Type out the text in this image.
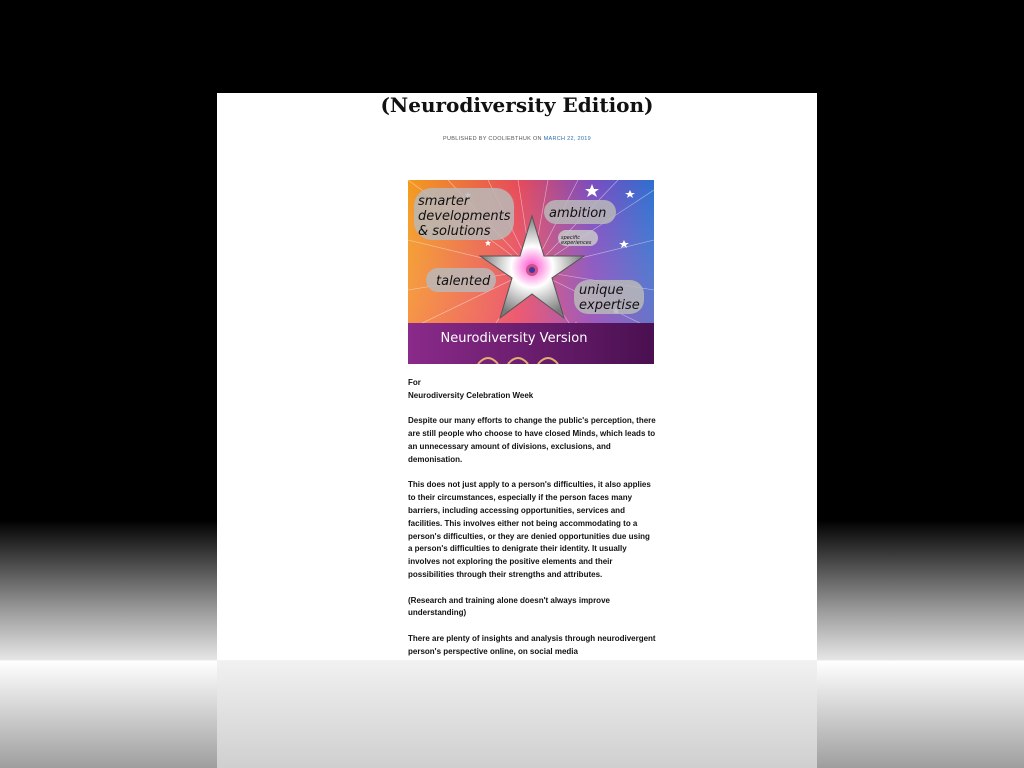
(Neurodiversity Edition)
PUBLISHED BY COOLIEBTHUK ON MARCH 22, 2019
smarter
developments
& solutions
ambition
specific
experiences
talented
unique
expertise
Neurodiversity Version

For
Neurodiversity Celebration Week

Despite our many efforts to change the public's perception, there are still people who choose to have closed Minds, which leads to an unnecessary amount of divisions, exclusions, and demonisation.

This does not just apply to a person's difficulties, it also applies to their circumstances, especially if the person faces many barriers, including accessing opportunities, services and facilities. This involves either not being accommodating to a person's difficulties, or they are denied opportunities due using a person's difficulties to denigrate their identity. It usually involves not exploring the positive elements and their possibilities through their strengths and attributes.

(Research and training alone doesn't always improve understanding)

There are plenty of insights and analysis through neurodivergent person's perspective online, on social media
